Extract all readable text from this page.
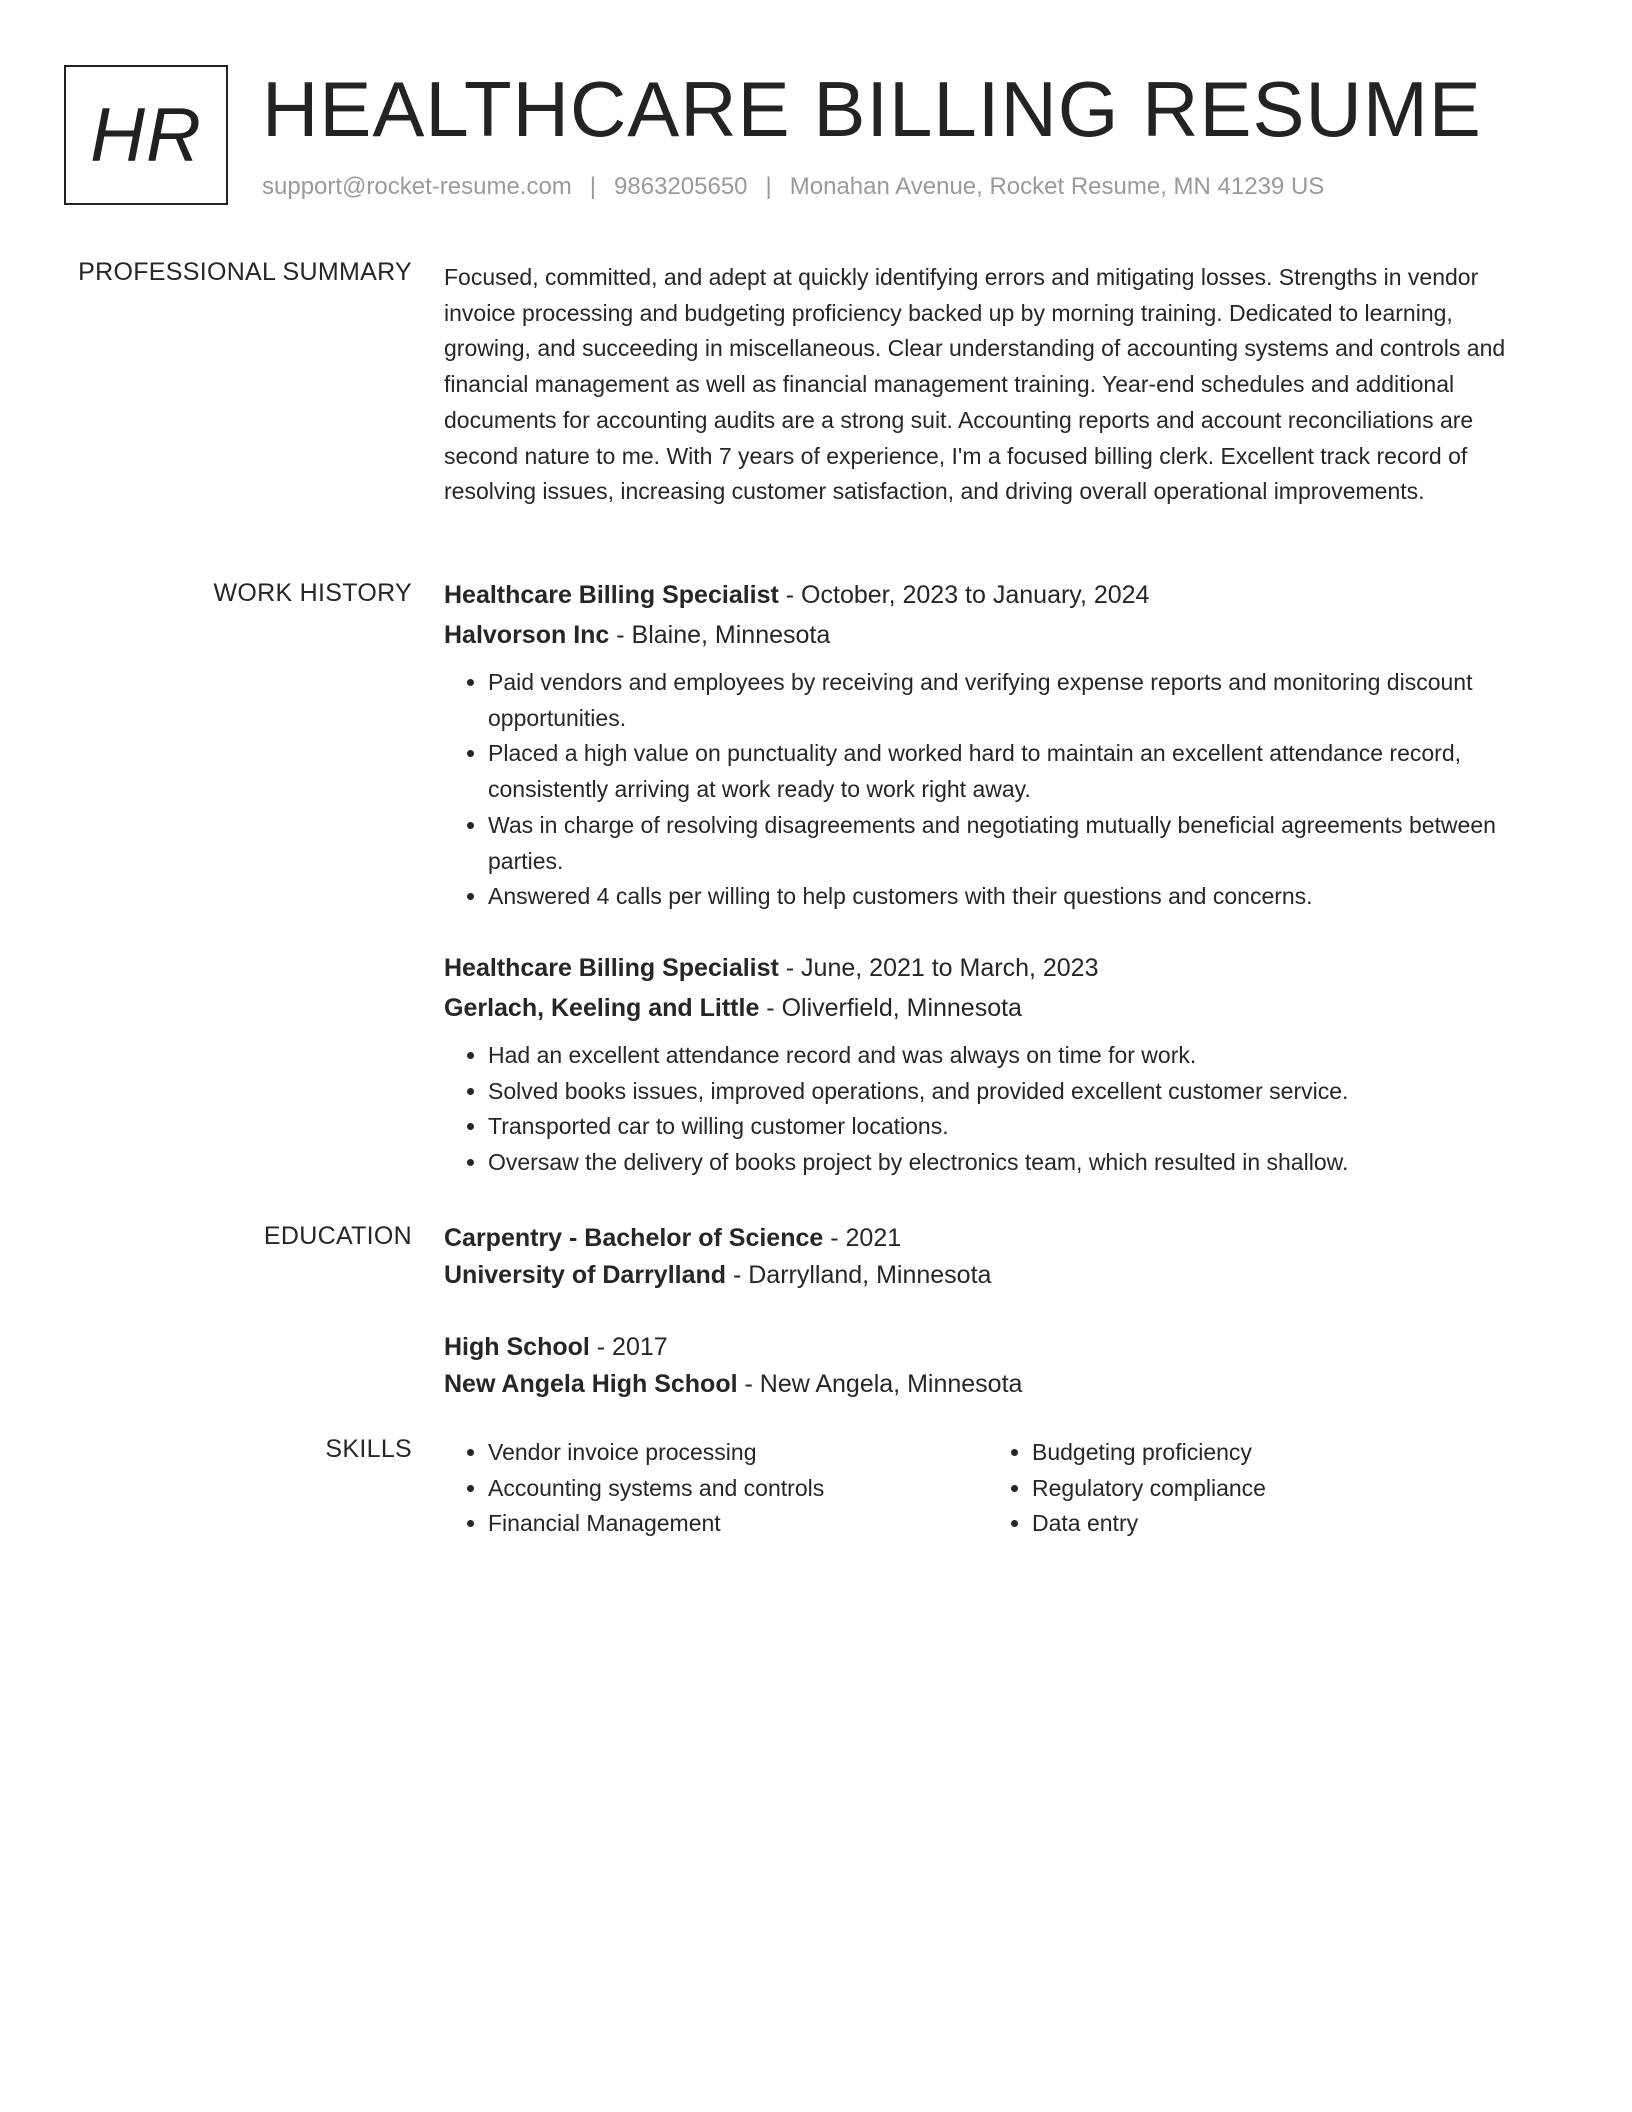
HR HEALTHCARE BILLING RESUME
support@rocket-resume.com | 9863205650 | Monahan Avenue, Rocket Resume, MN 41239 US
PROFESSIONAL SUMMARY Focused, committed, and adept at quickly identifying errors and mitigating losses. Strengths in vendor invoice processing and budgeting proficiency backed up by morning training. Dedicated to learning, growing, and succeeding in miscellaneous. Clear understanding of accounting systems and controls and financial management as well as financial management training. Year-end schedules and additional documents for accounting audits are a strong suit. Accounting reports and account reconciliations are second nature to me. With 7 years of experience, I'm a focused billing clerk. Excellent track record of resolving issues, increasing customer satisfaction, and driving overall operational improvements.

WORK HISTORY Healthcare Billing Specialist - October, 2023 to January, 2024
Halvorson Inc - Blaine, Minnesota
• Paid vendors and employees by receiving and verifying expense reports and monitoring discount opportunities.
• Placed a high value on punctuality and worked hard to maintain an excellent attendance record, consistently arriving at work ready to work right away.
• Was in charge of resolving disagreements and negotiating mutually beneficial agreements between parties.
• Answered 4 calls per willing to help customers with their questions and concerns.
Healthcare Billing Specialist - June, 2021 to March, 2023
Gerlach, Keeling and Little - Oliverfield, Minnesota
• Had an excellent attendance record and was always on time for work.
• Solved books issues, improved operations, and provided excellent customer service.
• Transported car to willing customer locations.
• Oversaw the delivery of books project by electronics team, which resulted in shallow.
EDUCATION Carpentry - Bachelor of Science - 2021
University of Darrylland - Darrylland, Minnesota
High School - 2017
New Angela High School - New Angela, Minnesota
SKILLS
•	Vendor invoice processing
• Accounting systems and controls
• Financial Management
• Budgeting proficiency
• Regulatory compliance
• Data entry
